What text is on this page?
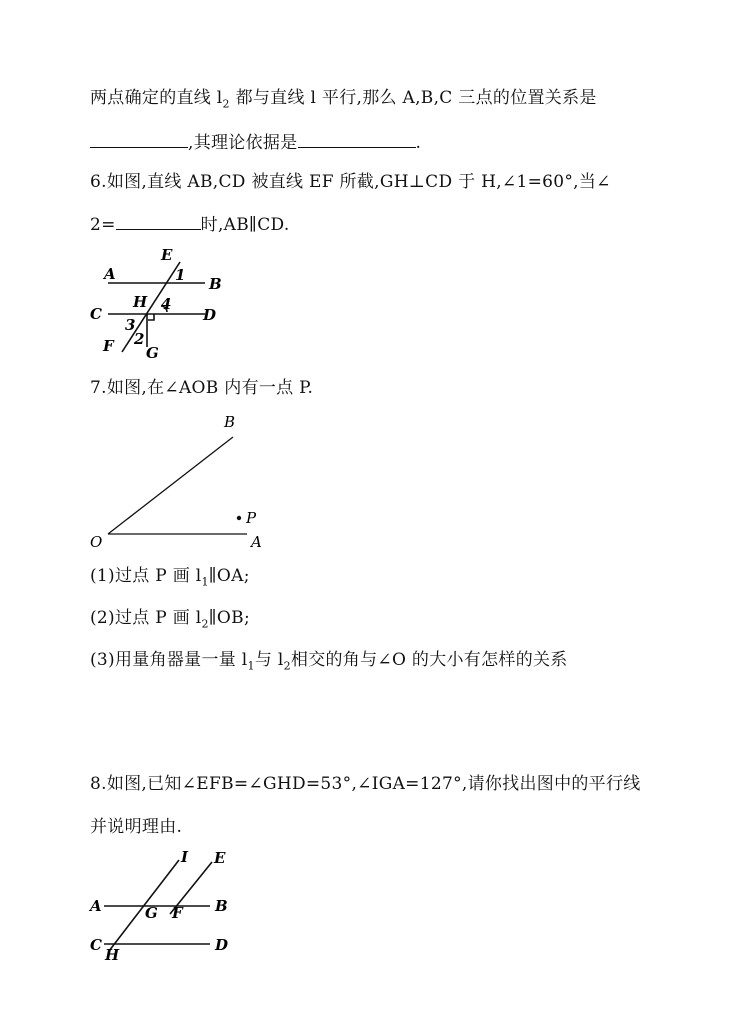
两点确定的直线 $l_2$ 都与直线 l 平行,那么 A,B,C 三点的位置关系是
,其理论依据是	.
6.如图,直线 AB,CD 被直线 EF 所截,GH⊥CD 于 H,∠1=60°,当∠
2=	时,AB∥CD.
7.如图,在∠AOB 内有一点 P.
(1)过点 P 画 $l_1\parallel OA$;
(2)过点 P 画 $l_2\parallel OB$;
(3)用量角器量一量 $l_1$与 $l_2$相交的角与∠O 的大小有怎样的关系
8.如图,已知∠EFB=∠GHD=53°,∠IGA=127°,请你找出图中的平行线
并说明理由.
E
A	1 B
H 4
C	D
3
2
F G
B
P
O	A
I E
A	G F B
C	D
H
